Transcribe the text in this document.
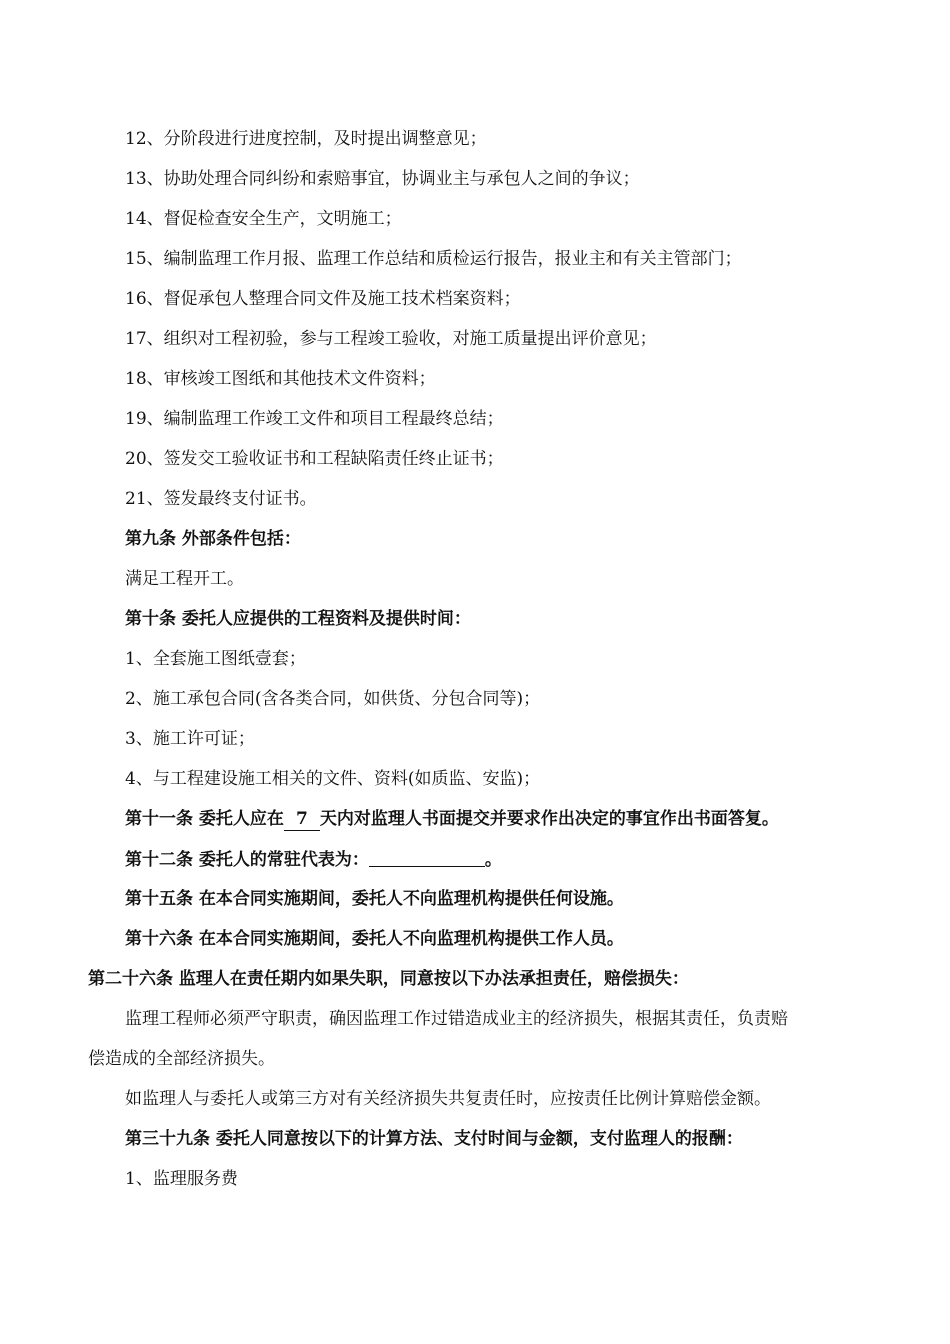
12、分阶段进行进度控制，及时提出调整意见；
13、协助处理合同纠纷和索赔事宜，协调业主与承包人之间的争议；
14、督促检查安全生产，文明施工；
15、编制监理工作月报、监理工作总结和质检运行报告，报业主和有关主管部门；
16、督促承包人整理合同文件及施工技术档案资料；
17、组织对工程初验，参与工程竣工验收，对施工质量提出评价意见；
18、审核竣工图纸和其他技术文件资料；
19、编制监理工作竣工文件和项目工程最终总结；
20、签发交工验收证书和工程缺陷责任终止证书；
21、签发最终支付证书。
第九条 外部条件包括：
满足工程开工。
第十条 委托人应提供的工程资料及提供时间：
1、全套施工图纸壹套；
2、施工承包合同(含各类合同，如供货、分包合同等)；
3、施工许可证；
4、与工程建设施工相关的文件、资料(如质监、安监)；
第十一条 委托人应在 7 天内对监理人书面提交并要求作出决定的事宜作出书面答复。
第十二条 委托人的常驻代表为：	。
第十五条 在本合同实施期间，委托人不向监理机构提供任何设施。
第十六条 在本合同实施期间，委托人不向监理机构提供工作人员。
第二十六条 监理人在责任期内如果失职，同意按以下办法承担责任，赔偿损失：
监理工程师必须严守职责，确因监理工作过错造成业主的经济损失，根据其责任，负责赔
偿造成的全部经济损失。
如监理人与委托人或第三方对有关经济损失共复责任时，应按责任比例计算赔偿金额。
第三十九条 委托人同意按以下的计算方法、支付时间与金额，支付监理人的报酬：
1、监理服务费
